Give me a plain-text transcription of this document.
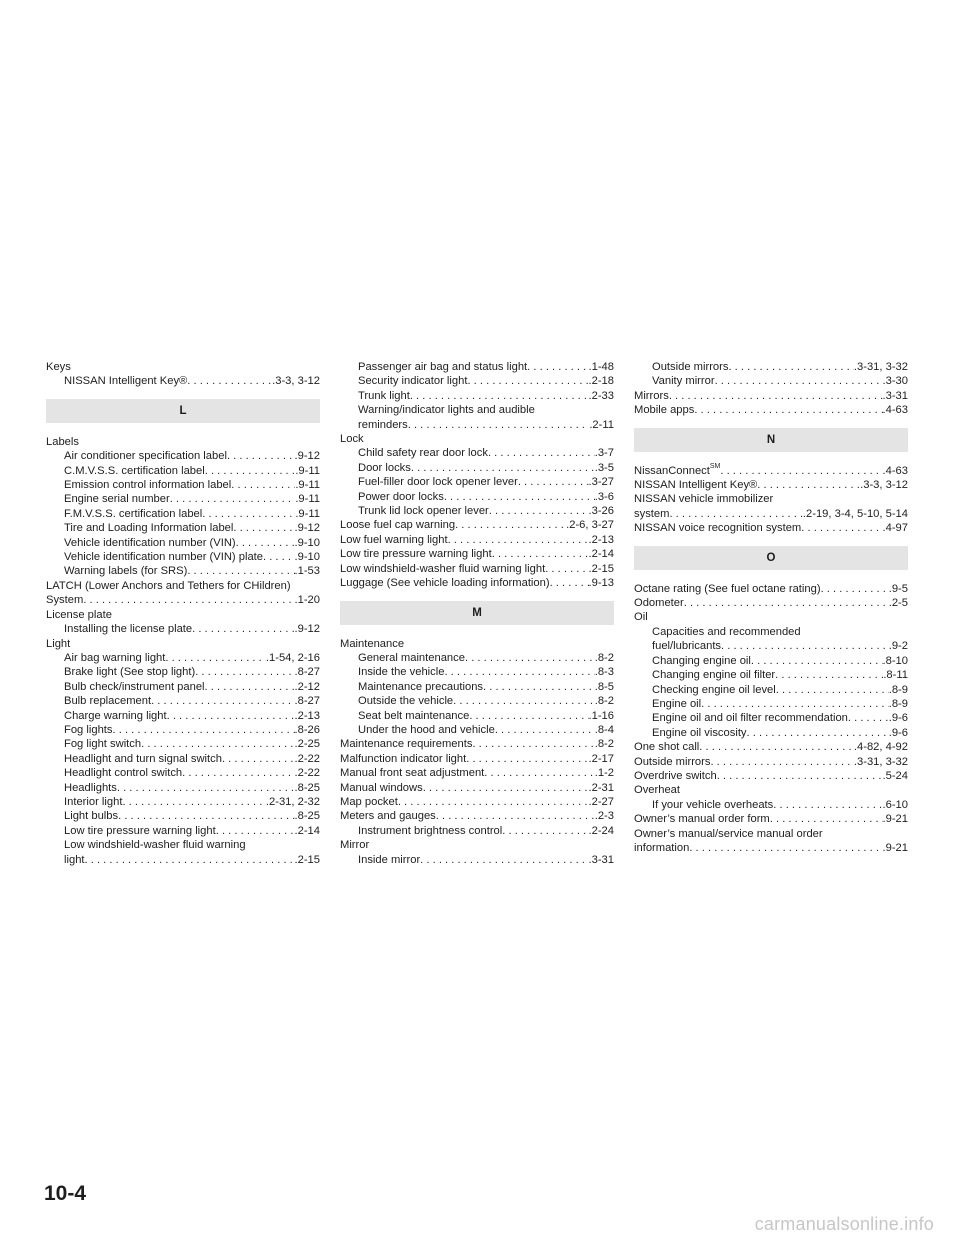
Keys
NISSAN Intelligent Key® . . .	.3-3, 3-12
L
Labels
Air conditioner specification label . . .	.9-12
C.M.V.S.S. certification label . . .	.9-11
Emission control information label . . .	.9-11
Engine serial number . . .	.9-11
F.M.V.S.S. certification label . . .	.9-11
Tire and Loading Information label . . .	.9-12
Vehicle identification number (VIN) . . .	.9-10
Vehicle identification number (VIN) plate . . .	.9-10
Warning labels (for SRS) . . .	.1-53
LATCH (Lower Anchors and Tethers for CHildren)
System . . .	.1-20
License plate
Installing the license plate . . .	.9-12
Light
Air bag warning light . . .	.1-54, 2-16
Brake light (See stop light) . . .	.8-27
Bulb check/instrument panel . . .	.2-12
Bulb replacement . . .	.8-27
Charge warning light . . .	.2-13
Fog lights . . .	.8-26
Fog light switch . . .	.2-25
Headlight and turn signal switch . . .	.2-22
Headlight control switch . . .	.2-22
Headlights . . .	.8-25
Interior light . . .	.2-31, 2-32
Light bulbs . . .	.8-25
Low tire pressure warning light . . .	.2-14
Low windshield-washer fluid warning
light . . .	.2-15
Passenger air bag and status light . . .	.1-48
Security indicator light . . .	.2-18
Trunk light . . .	.2-33
Warning/indicator lights and audible
reminders . . .	.2-11
Lock
Child safety rear door lock . . .	.3-7
Door locks . . .	.3-5
Fuel-filler door lock opener lever . . .	.3-27
Power door locks . . .	.3-6
Trunk lid lock opener lever . . .	.3-26
Loose fuel cap warning . . .	.2-6, 3-27
Low fuel warning light . . .	.2-13
Low tire pressure warning light . . .	.2-14
Low windshield-washer fluid warning light . . .	.2-15
Luggage (See vehicle loading information) . . .	.9-13
M
Maintenance
General maintenance . . .	.8-2
Inside the vehicle . . .	.8-3
Maintenance precautions . . .	.8-5
Outside the vehicle . . .	.8-2
Seat belt maintenance . . .	.1-16
Under the hood and vehicle . . .	.8-4
Maintenance requirements . . .	.8-2
Malfunction indicator light . . .	.2-17
Manual front seat adjustment . . .	.1-2
Manual windows . . .	.2-31
Map pocket . . .	.2-27
Meters and gauges . . .	.2-3
Instrument brightness control . . .	.2-24
Mirror
Inside mirror . . .	.3-31
Outside mirrors . . .	.3-31, 3-32
Vanity mirror . . .	.3-30
Mirrors . . .	.3-31
Mobile apps . . .	.4-63
N
NissanConnect℠ . . .	.4-63
NISSAN Intelligent Key® . . .	.3-3, 3-12
NISSAN vehicle immobilizer
system . . .	.2-19, 3-4, 5-10, 5-14
NISSAN voice recognition system . . .	.4-97
O
Octane rating (See fuel octane rating) . . .	.9-5
Odometer . . .	.2-5
Oil
Capacities and recommended
fuel/lubricants . . .	.9-2
Changing engine oil . . .	.8-10
Changing engine oil filter . . .	.8-11
Checking engine oil level . . .	.8-9
Engine oil . . .	.8-9
Engine oil and oil filter recommendation . . .	.9-6
Engine oil viscosity . . .	.9-6
One shot call . . .	.4-82, 4-92
Outside mirrors . . .	.3-31, 3-32
Overdrive switch . . .	.5-24
Overheat
If your vehicle overheats . . .	.6-10
Owner’s manual order form . . .	.9-21
Owner’s manual/service manual order
information . . .	.9-21
10-4
carmanualsonline.info
